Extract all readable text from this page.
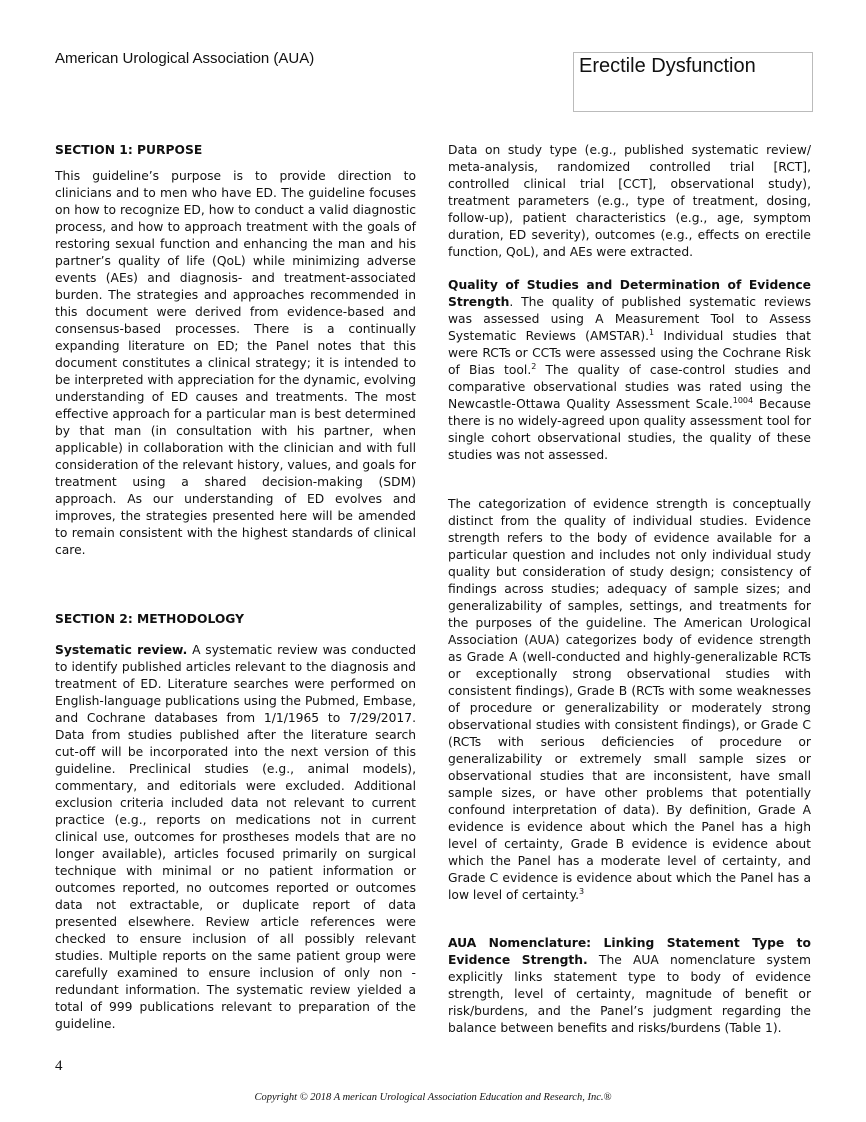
American Urological Association (AUA)	Erectile Dysfunction
SECTION 1: PURPOSE

This guideline’s purpose is to provide direction to clinicians and to men who have ED. The guideline focuses on how to recognize ED, how to conduct a valid diagnostic process, and how to approach treatment with the goals of restoring sexual function and enhancing the man and his partner’s quality of life (QoL) while minimizing adverse events (AEs) and diagnosis- and treatment-associated burden. The strategies and approaches recommended in this document were derived from evidence-based and consensus-based processes. There is a continually expanding literature on ED; the Panel notes that this document constitutes a clinical strategy; it is intended to be interpreted with appreciation for the dynamic, evolving understanding of ED causes and treatments. The most effective approach for a particular man is best determined by that man (in consultation with his partner, when applicable) in collaboration with the clinician and with full consideration of the relevant history, values, and goals for treatment using a shared decision-making (SDM) approach. As our understanding of ED evolves and improves, the strategies presented here will be amended to remain consistent with the highest standards of clinical care.

SECTION 2: METHODOLOGY

Systematic review. A systematic review was conducted to identify published articles relevant to the diagnosis and treatment of ED. Literature searches were performed on English-language publications using the Pubmed, Embase, and Cochrane databases from 1/1/1965 to 7/29/2017. Data from studies published after the literature search cut-off will be incorporated into the next version of this guideline. Preclinical studies (e.g., animal models), commentary, and editorials were excluded. Additional exclusion criteria included data not relevant to current practice (e.g., reports on medications not in current clinical use, outcomes for prostheses models that are no longer available), articles focused primarily on surgical technique with minimal or no patient information or outcomes reported, no outcomes reported or outcomes data not extractable, or duplicate report of data presented elsewhere. Review article references were checked to ensure inclusion of all possibly relevant studies. Multiple reports on the same patient group were carefully examined to ensure inclusion of only non -redundant information. The systematic review yielded a total of 999 publications relevant to preparation of the guideline.

Data on study type (e.g., published systematic review/ meta-analysis, randomized controlled trial [RCT], controlled clinical trial [CCT], observational study), treatment parameters (e.g., type of treatment, dosing, follow-up), patient characteristics (e.g., age, symptom duration, ED severity), outcomes (e.g., effects on erectile function, QoL), and AEs were extracted.

Quality of Studies and Determination of Evidence Strength. The quality of published systematic reviews was assessed using A Measurement Tool to Assess Systematic Reviews (AMSTAR).$^1$ Individual studies that were RCTs or CCTs were assessed using the Cochrane Risk of Bias tool.$^2$ The quality of case-control studies and comparative observational studies was rated using the Newcastle-Ottawa Quality Assessment Scale.$^{1004}$ Because there is no widely-agreed upon quality assessment tool for single cohort observational studies, the quality of these studies was not assessed.

The categorization of evidence strength is conceptually distinct from the quality of individual studies. Evidence strength refers to the body of evidence available for a particular question and includes not only individual study quality but consideration of study design; consistency of findings across studies; adequacy of sample sizes; and generalizability of samples, settings, and treatments for the purposes of the guideline. The American Urological Association (AUA) categorizes body of evidence strength as Grade A (well-conducted and highly-generalizable RCTs or exceptionally strong observational studies with consistent findings), Grade B (RCTs with some weaknesses of procedure or generalizability or moderately strong observational studies with consistent findings), or Grade C (RCTs with serious deficiencies of procedure or generalizability or extremely small sample sizes or observational studies that are inconsistent, have small sample sizes, or have other problems that potentially confound interpretation of data). By definition, Grade A evidence is evidence about which the Panel has a high level of certainty, Grade B evidence is evidence about which the Panel has a moderate level of certainty, and Grade C evidence is evidence about which the Panel has a low level of certainty.$^3$

AUA Nomenclature: Linking Statement Type to Evidence Strength. The AUA nomenclature system explicitly links statement type to body of evidence strength, level of certainty, magnitude of benefit or risk/burdens, and the Panel’s judgment regarding the balance between benefits and risks/burdens (Table 1).

4
Copyright © 2018 A merican Urological Association Education and Research, Inc.®
